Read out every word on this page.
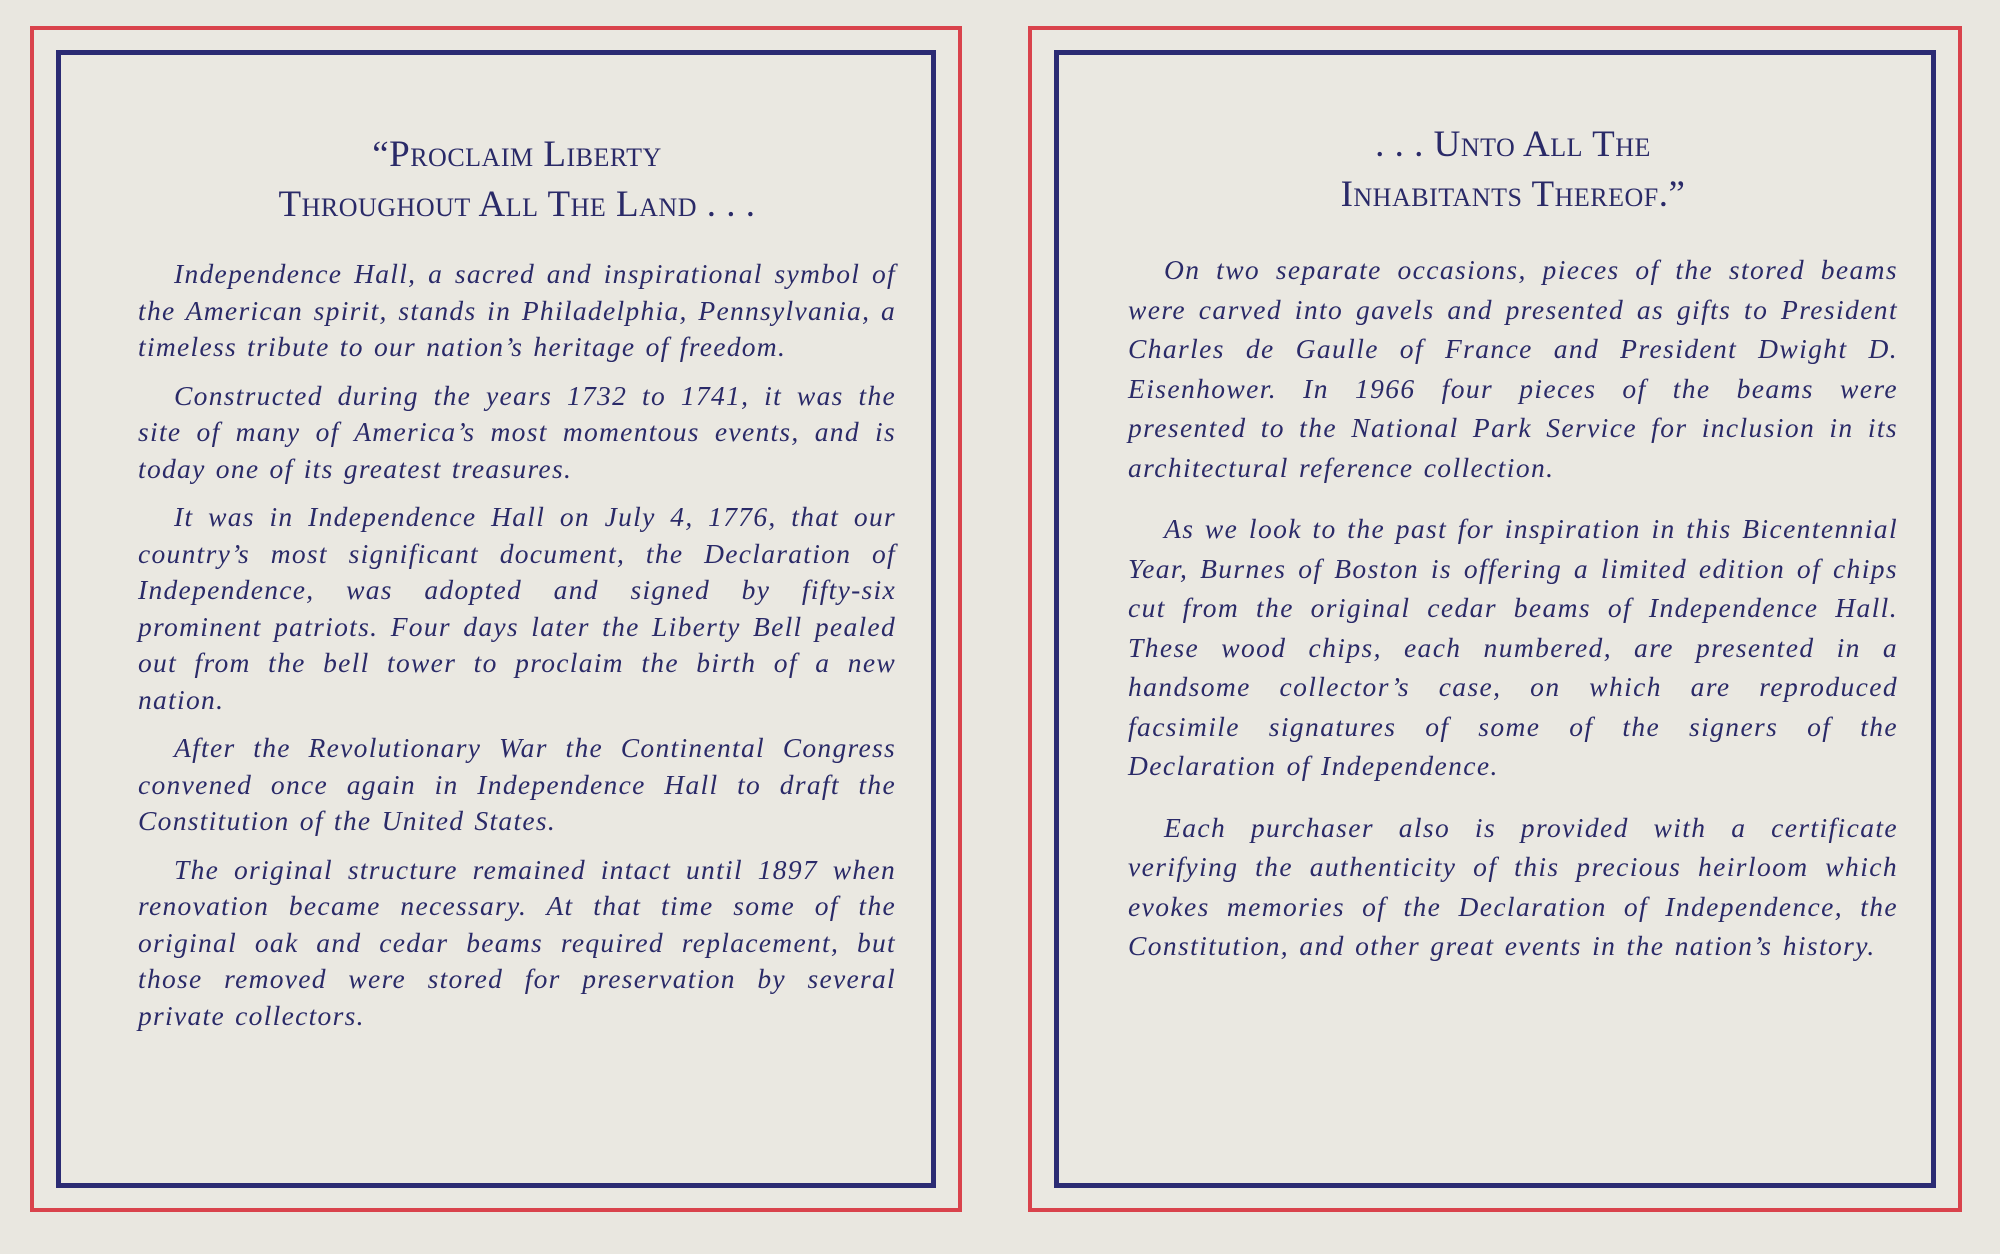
“Proclaim Liberty
Throughout All The Land . . .

Independence Hall, a sacred and inspirational symbol of the American spirit, stands in Philadelphia, Pennsylvania, a timeless tribute to our nation’s heritage of freedom.

Constructed during the years 1732 to 1741, it was the site of many of America’s most momentous events, and is today one of its greatest treasures.

It was in Independence Hall on July 4, 1776, that our country’s most significant document, the Declaration of Independence, was adopted and signed by fifty-six prominent patriots. Four days later the Liberty Bell pealed out from the bell tower to proclaim the birth of a new nation.

After the Revolutionary War the Continental Congress convened once again in Independence Hall to draft the Constitution of the United States.

The original structure remained intact until 1897 when renovation became necessary. At that time some of the original oak and cedar beams required replacement, but those removed were stored for preservation by several private collectors.

. . . Unto All The
Inhabitants Thereof.”

On two separate occasions, pieces of the stored beams were carved into gavels and presented as gifts to President Charles de Gaulle of France and President Dwight D. Eisenhower. In 1966 four pieces of the beams were presented to the National Park Service for inclusion in its architectural reference collection.

As we look to the past for inspiration in this Bicentennial Year, Burnes of Boston is offering a limited edition of chips cut from the original cedar beams of Independence Hall. These wood chips, each numbered, are presented in a handsome collector’s case, on which are reproduced facsimile signatures of some of the signers of the Declaration of Independence.

Each purchaser also is provided with a certificate verifying the authenticity of this precious heirloom which evokes memories of the Declaration of Independence, the Constitution, and other great events in the nation’s history.
